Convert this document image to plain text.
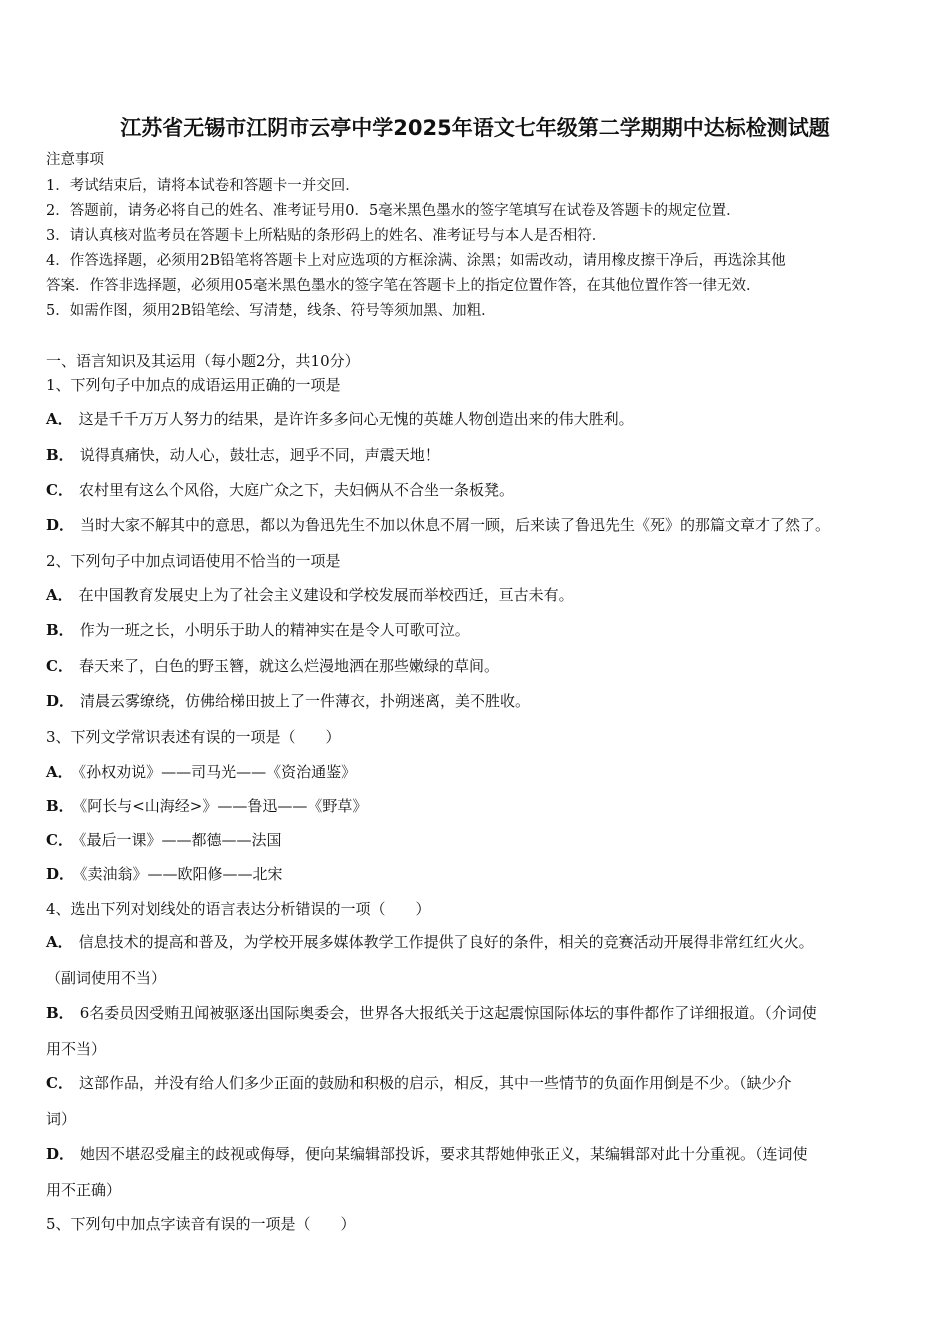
江苏省无锡市江阴市云亭中学2025年语文七年级第二学期期中达标检测试题
注意事项
1．考试结束后，请将本试卷和答题卡一并交回．
2．答题前，请务必将自己的姓名、准考证号用0．5毫米黑色墨水的签字笔填写在试卷及答题卡的规定位置．
3．请认真核对监考员在答题卡上所粘贴的条形码上的姓名、准考证号与本人是否相符．
4．作答选择题，必须用2B铅笔将答题卡上对应选项的方框涂满、涂黑；如需改动，请用橡皮擦干净后，再选涂其他
答案．作答非选择题，必须用05毫米黑色墨水的签字笔在答题卡上的指定位置作答，在其他位置作答一律无效．
5．如需作图，须用2B铅笔绘、写清楚，线条、符号等须加黑、加粗．
一、语言知识及其运用（每小题2分，共10分）
1、下列句子中加点的成语运用正确的一项是
A． 这是千千万万人努力的结果，是许许多多问心无愧的英雄人物创造出来的伟大胜利。
B． 说得真痛快，动人心，鼓壮志，迥乎不同，声震天地！
C． 农村里有这么个风俗，大庭广众之下，夫妇俩从不合坐一条板凳。
D． 当时大家不解其中的意思，都以为鲁迅先生不加以休息不屑一顾，后来读了鲁迅先生《死》的那篇文章才了然了。
2、下列句子中加点词语使用不恰当的一项是
A． 在中国教育发展史上为了社会主义建设和学校发展而举校西迁，亘古未有。
B． 作为一班之长，小明乐于助人的精神实在是令人可歌可泣。
C． 春天来了，白色的野玉簪，就这么烂漫地洒在那些嫩绿的草间。
D． 清晨云雾缭绕，仿佛给梯田披上了一件薄衣，扑朔迷离，美不胜收。
3、下列文学常识表述有误的一项是（　　）
A． 《孙权劝说》——司马光——《资治通鉴》
B． 《阿长与<山海经>》——鲁迅——《野草》
C． 《最后一课》——都德——法国
D． 《卖油翁》——欧阳修——北宋
4、选出下列对划线处的语言表达分析错误的一项（　　）
A． 信息技术的提高和普及，为学校开展多媒体教学工作提供了良好的条件，相关的竞赛活动开展得非常红红火火。
（副词使用不当）
B． 6名委员因受贿丑闻被驱逐出国际奥委会，世界各大报纸关于这起震惊国际体坛的事件都作了详细报道。（介词使
用不当）
C． 这部作品，并没有给人们多少正面的鼓励和积极的启示，相反，其中一些情节的负面作用倒是不少。（缺少介
词）
D． 她因不堪忍受雇主的歧视或侮辱，便向某编辑部投诉，要求其帮她伸张正义，某编辑部对此十分重视。（连词使
用不正确）
5、下列句中加点字读音有误的一项是（　　）
